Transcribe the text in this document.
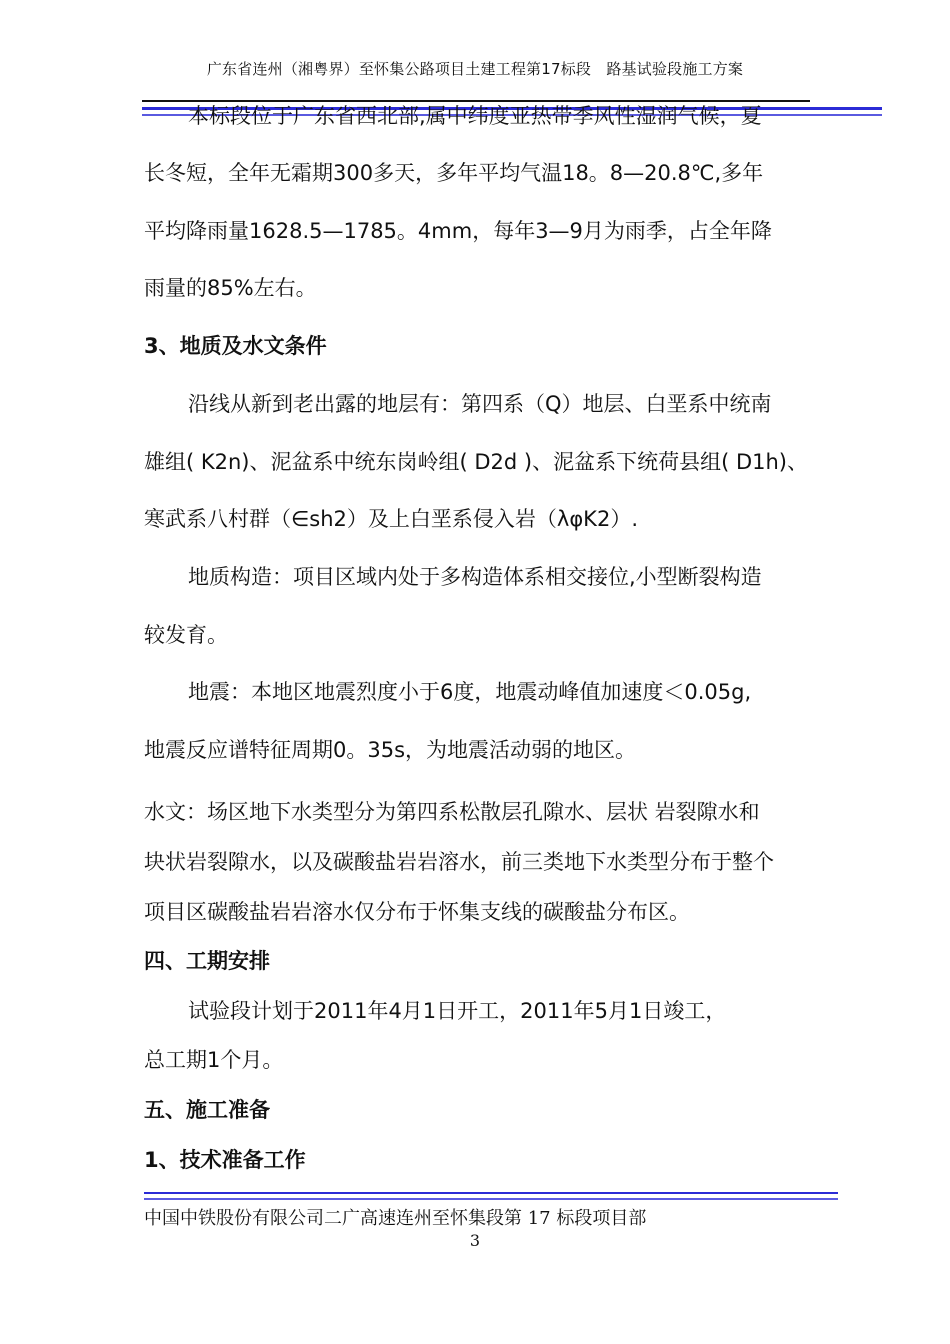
广东省连州（湘粤界）至怀集公路项目土建工程第17标段　路基试验段施工方案
本标段位于广东省西北部,属中纬度亚热带季风性湿润气候，夏
长冬短，全年无霜期300多天，多年平均气温18。8—20.8℃,多年
平均降雨量1628.5—1785。4mm，每年3—9月为雨季，占全年降
雨量的85%左右。
3、地质及水文条件
沿线从新到老出露的地层有：第四系（Q）地层、白垩系中统南
雄组( K2n)、泥盆系中统东岗岭组( D2d )、泥盆系下统荷县组( D1h)、
寒武系八村群（∈sh2）及上白垩系侵入岩（λφK2）.
地质构造：项目区域内处于多构造体系相交接位,小型断裂构造
较发育。
地震：本地区地震烈度小于6度，地震动峰值加速度＜0.05g,
地震反应谱特征周期0。35s，为地震活动弱的地区。
水文：场区地下水类型分为第四系松散层孔隙水、层状 岩裂隙水和
块状岩裂隙水，以及碳酸盐岩岩溶水，前三类地下水类型分布于整个
项目区碳酸盐岩岩溶水仅分布于怀集支线的碳酸盐分布区。
四、工期安排
试验段计划于2011年4月1日开工，2011年5月1日竣工，
总工期1个月。
五、施工准备
1、技术准备工作
中国中铁股份有限公司二广高速连州至怀集段第 17 标段项目部
3
